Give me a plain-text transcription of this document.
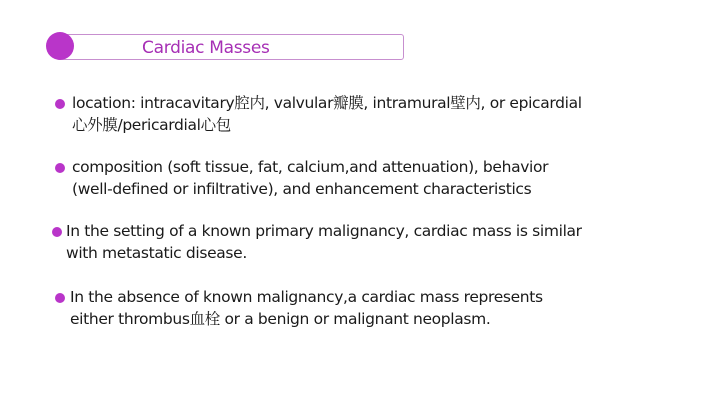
Cardiac Masses
location: intracavitary腔内, valvular瓣膜, intramural壁内, or epicardial
心外膜/pericardial心包
composition (soft tissue, fat, calcium,and attenuation), behavior
(well-defined or infiltrative), and enhancement characteristics
In the setting of a known primary malignancy, cardiac mass is similar
with metastatic disease.
In the absence of known malignancy,a cardiac mass represents
either thrombus血栓 or a benign or malignant neoplasm.
